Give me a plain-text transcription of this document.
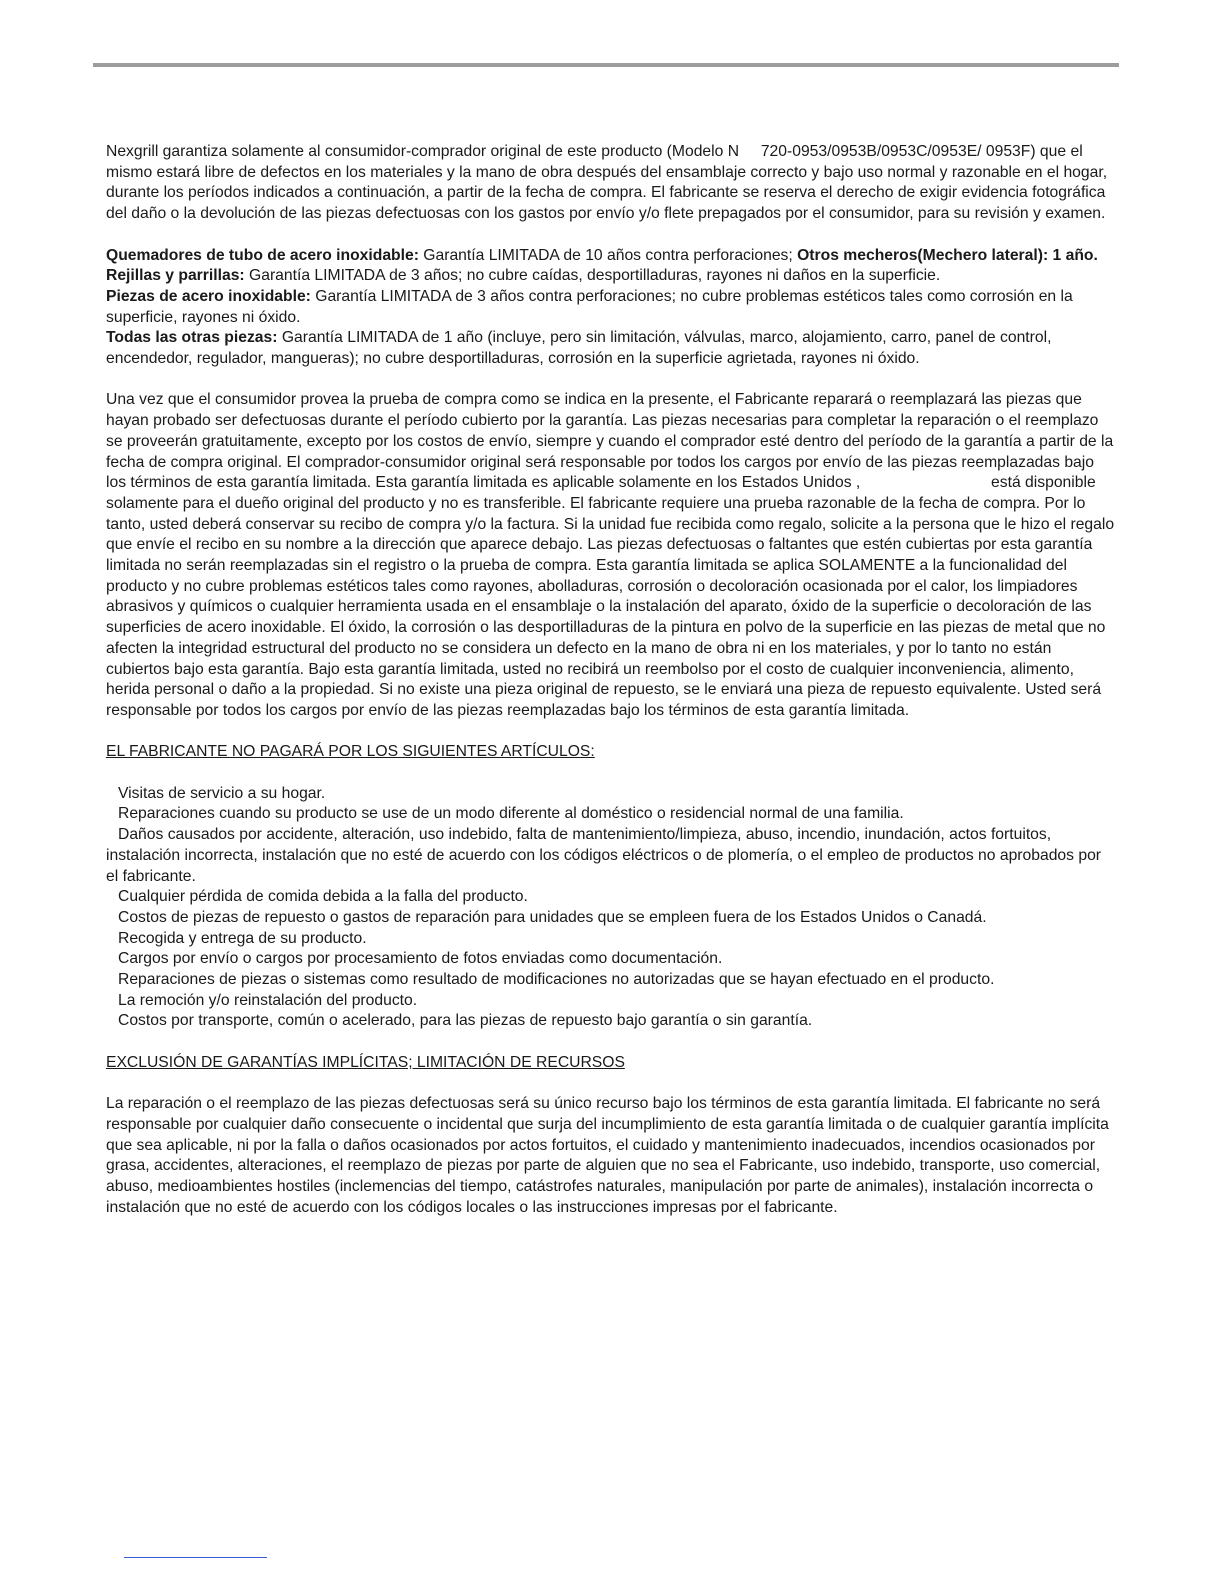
Nexgrill garantiza solamente al consumidor-comprador original de este producto (Modelo N     720-0953/0953B/0953C/0953E/ 0953F) que el mismo estará libre de defectos en los materiales y la mano de obra después del ensamblaje correcto y bajo uso normal y razonable en el hogar, durante los períodos indicados a continuación, a partir de la fecha de compra. El fabricante se reserva el derecho de exigir evidencia fotográfica del daño o la devolución de las piezas defectuosas con los gastos por envío y/o flete prepagados por el consumidor, para su revisión y examen.

Quemadores de tubo de acero inoxidable: Garantía LIMITADA de 10 años contra perforaciones; Otros mecheros(Mechero lateral): 1 año.

Rejillas y parrillas: Garantía LIMITADA de 3 años; no cubre caídas, desportilladuras, rayones ni daños en la superficie.

Piezas de acero inoxidable: Garantía LIMITADA de 3 años contra perforaciones; no cubre problemas estéticos tales como corrosión en la superficie, rayones ni óxido.

Todas las otras piezas: Garantía LIMITADA de 1 año (incluye, pero sin limitación, válvulas, marco, alojamiento, carro, panel de control, encendedor, regulador, mangueras); no cubre desportilladuras, corrosión en la superficie agrietada, rayones ni óxido.

Una vez que el consumidor provea la prueba de compra como se indica en la presente, el Fabricante reparará o reemplazará las piezas que hayan probado ser defectuosas durante el período cubierto por la garantía. Las piezas necesarias para completar la reparación o el reemplazo se proveerán gratuitamente, excepto por los costos de envío, siempre y cuando el comprador esté dentro del período de la garantía a partir de la fecha de compra original. El comprador-consumidor original será responsable por todos los cargos por envío de las piezas reemplazadas bajo los términos de esta garantía limitada. Esta garantía limitada es aplicable solamente en los Estados Unidos ,                              está disponible solamente para el dueño original del producto y no es transferible. El fabricante requiere una prueba razonable de la fecha de compra. Por lo tanto, usted deberá conservar su recibo de compra y/o la factura. Si la unidad fue recibida como regalo, solicite a la persona que le hizo el regalo que envíe el recibo en su nombre a la dirección que aparece debajo. Las piezas defectuosas o faltantes que estén cubiertas por esta garantía limitada no serán reemplazadas sin el registro o la prueba de compra. Esta garantía limitada se aplica SOLAMENTE a la funcionalidad del producto y no cubre problemas estéticos tales como rayones, abolladuras, corrosión o decoloración ocasionada por el calor, los limpiadores abrasivos y químicos o cualquier herramienta usada en el ensamblaje o la instalación del aparato, óxido de la superficie o decoloración de las superficies de acero inoxidable. El óxido, la corrosión o las desportilladuras de la pintura en polvo de la superficie en las piezas de metal que no afecten la integridad estructural del producto no se considera un defecto en la mano de obra ni en los materiales, y por lo tanto no están cubiertos bajo esta garantía. Bajo esta garantía limitada, usted no recibirá un reembolso por el costo de cualquier inconveniencia, alimento, herida personal o daño a la propiedad. Si no existe una pieza original de repuesto, se le enviará una pieza de repuesto equivalente. Usted será responsable por todos los cargos por envío de las piezas reemplazadas bajo los términos de esta garantía limitada.

EL FABRICANTE NO PAGARÁ POR LOS SIGUIENTES ARTÍCULOS:

Visitas de servicio a su hogar.

Reparaciones cuando su producto se use de un modo diferente al doméstico o residencial normal de una familia.

Daños causados por accidente, alteración, uso indebido, falta de mantenimiento/limpieza, abuso, incendio, inundación, actos fortuitos, instalación incorrecta, instalación que no esté de acuerdo con los códigos eléctricos o de plomería, o el empleo de productos no aprobados por el fabricante.

Cualquier pérdida de comida debida a la falla del producto.

Costos de piezas de repuesto o gastos de reparación para unidades que se empleen fuera de los Estados Unidos o Canadá.

Recogida y entrega de su producto.

Cargos por envío o cargos por procesamiento de fotos enviadas como documentación.

Reparaciones de piezas o sistemas como resultado de modificaciones no autorizadas que se hayan efectuado en el producto.

La remoción y/o reinstalación del producto.

Costos por transporte, común o acelerado, para las piezas de repuesto bajo garantía o sin garantía.

EXCLUSIÓN DE GARANTÍAS IMPLÍCITAS; LIMITACIÓN DE RECURSOS

La reparación o el reemplazo de las piezas defectuosas será su único recurso bajo los términos de esta garantía limitada. El fabricante no será responsable por cualquier daño consecuente o incidental que surja del incumplimiento de esta garantía limitada o de cualquier garantía implícita que sea aplicable, ni por la falla o daños ocasionados por actos fortuitos, el cuidado y mantenimiento inadecuados, incendios ocasionados por grasa, accidentes, alteraciones, el reemplazo de piezas por parte de alguien que no sea el Fabricante, uso indebido, transporte, uso comercial, abuso, medioambientes hostiles (inclemencias del tiempo, catástrofes naturales, manipulación por parte de animales), instalación incorrecta o instalación que no esté de acuerdo con los códigos locales o las instrucciones impresas por el fabricante.
